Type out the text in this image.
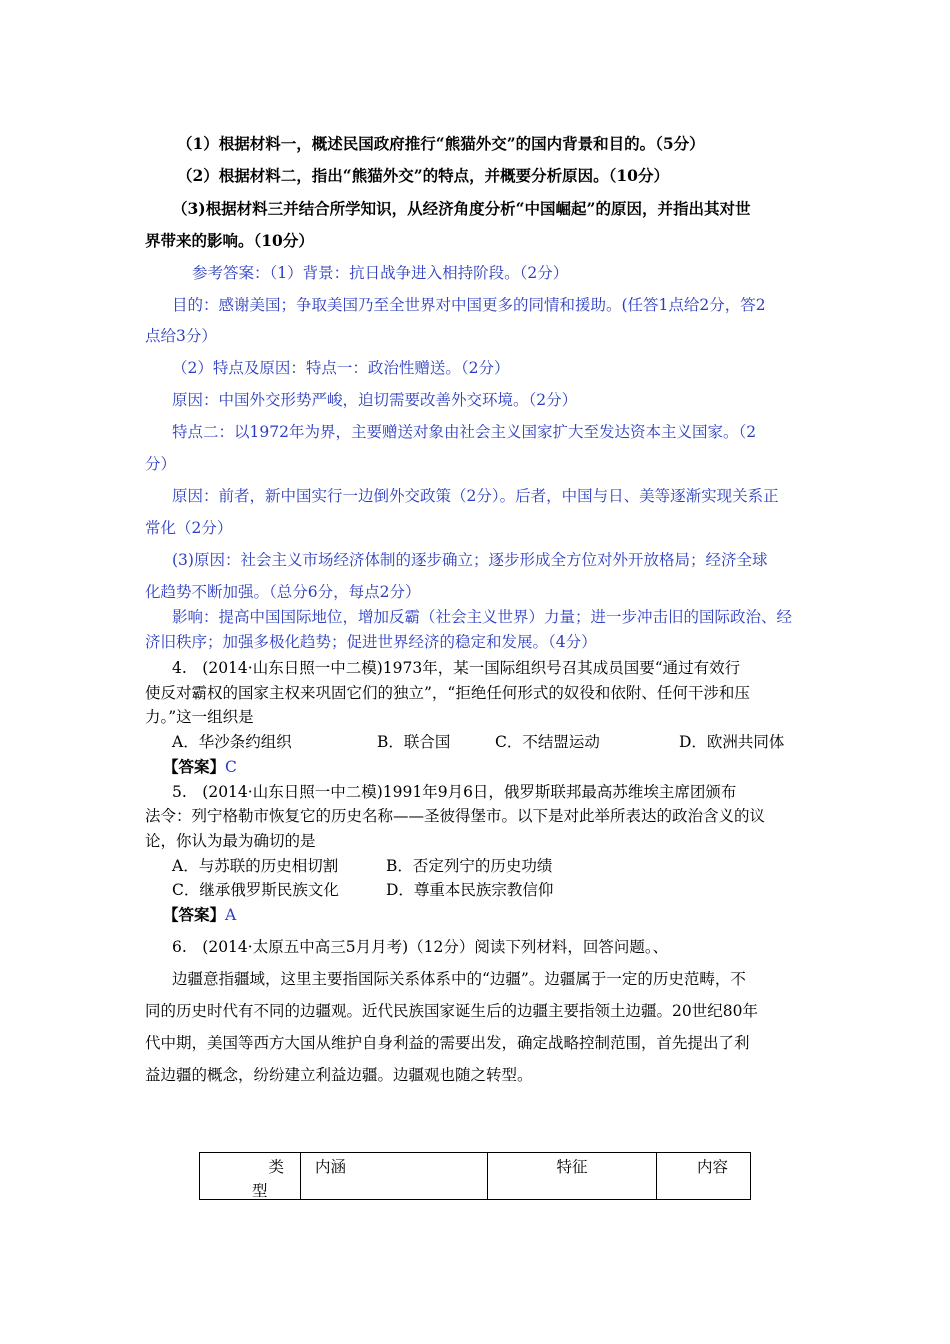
（1）根据材料一，概述民国政府推行“熊猫外交”的国内背景和目的。（5分）
（2）根据材料二，指出“熊猫外交”的特点，并概要分析原因。（10分）
（3)根据材料三并结合所学知识，从经济角度分析“中国崛起”的原因，并指出其对世
界带来的影响。（10分）
参考答案：（1）背景：抗日战争进入相持阶段。（2分）
目的：感谢美国；争取美国乃至全世界对中国更多的同情和援助。(任答1点给2分，答2
点给3分）
（2）特点及原因：特点一：政治性赠送。（2分）
原因：中国外交形势严峻，迫切需要改善外交环境。（2分）
特点二：以1972年为界，主要赠送对象由社会主义国家扩大至发达资本主义国家。（2
分）
原因：前者，新中国实行一边倒外交政策（2分）。后者，中国与日、美等逐渐实现关系正
常化（2分）
(3)原因：社会主义市场经济体制的逐步确立；逐步形成全方位对外开放格局；经济全球
化趋势不断加强。（总分6分，每点2分）
影响：提高中国国际地位，增加反霸（社会主义世界）力量；进一步冲击旧的国际政治、经
济旧秩序；加强多极化趋势；促进世界经济的稳定和发展。（4分）
4.　(2014·山东日照一中二模)1973年，某一国际组织号召其成员国要“通过有效行
使反对霸权的国家主权来巩固它们的独立”，“拒绝任何形式的奴役和依附、任何干涉和压
力。”这一组织是
A．华沙条约组织	B．联合国	C．不结盟运动	D．欧洲共同体
【答案】C
5.　(2014·山东日照一中二模)1991年9月6日，俄罗斯联邦最高苏维埃主席团颁布
法令：列宁格勒市恢复它的历史名称——圣彼得堡市。以下是对此举所表达的政治含义的议
论，你认为最为确切的是
A．与苏联的历史相切割	B．否定列宁的历史功绩
C．继承俄罗斯民族文化	D．尊重本民族宗教信仰
【答案】A
6.　(2014·太原五中高三5月月考)（12分）阅读下列材料，回答问题。、
边疆意指疆域，这里主要指国际关系体系中的“边疆”。边疆属于一定的历史范畴，不
同的历史时代有不同的边疆观。近代民族国家诞生后的边疆主要指领土边疆。20世纪80年
代中期，美国等西方大国从维护自身利益的需要出发，确定战略控制范围，首先提出了利
益边疆的概念，纷纷建立利益边疆。边疆观也随之转型。
类
型
	内涵	特征	内容
